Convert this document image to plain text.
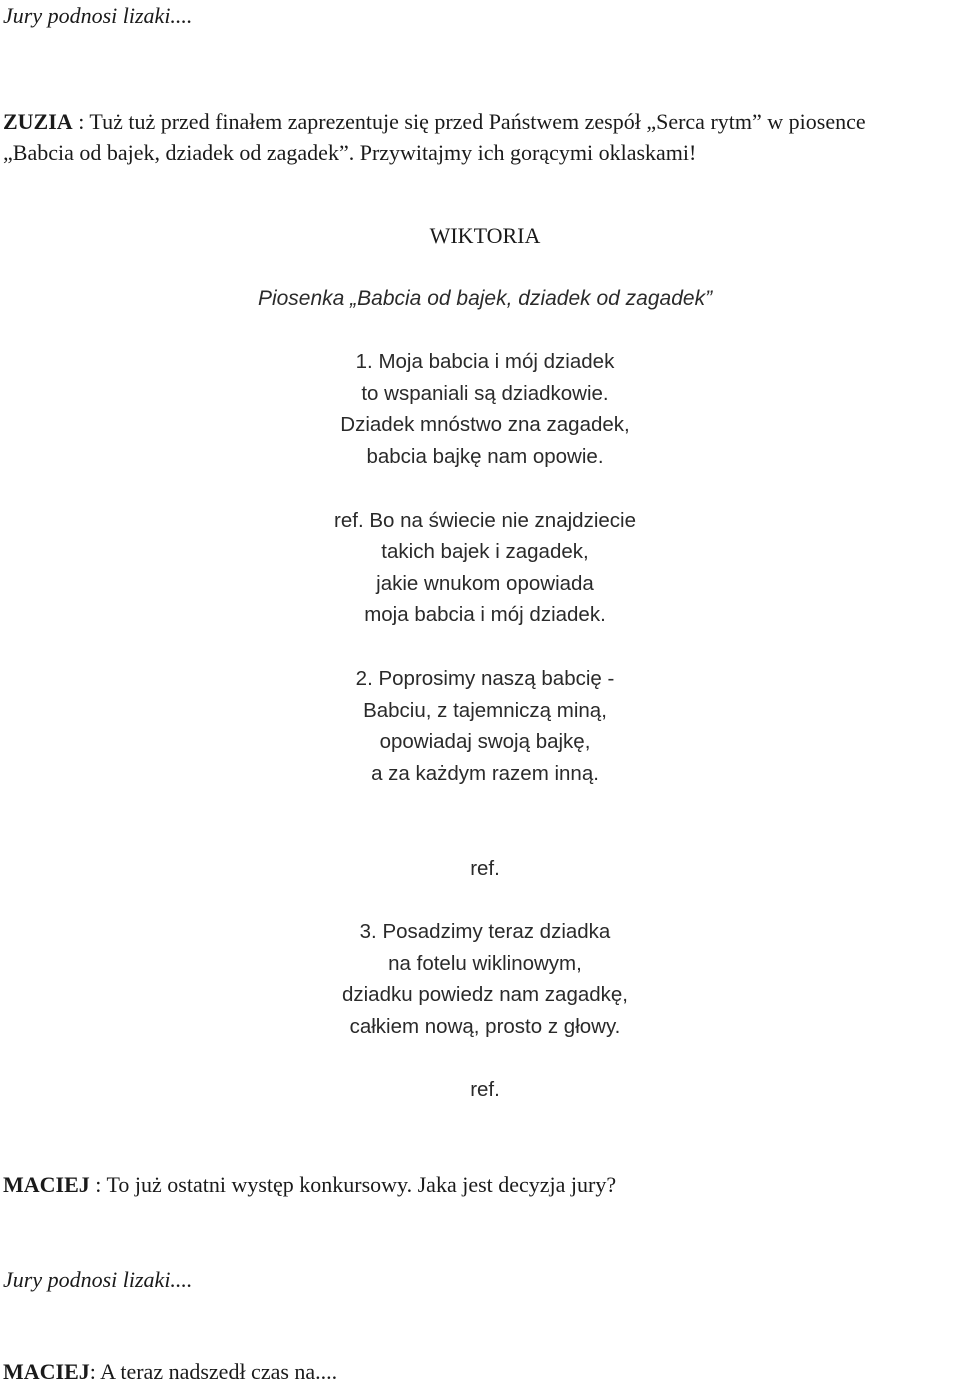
Jury podnosi lizaki....
ZUZIA : Tuż tuż przed finałem zaprezentuje się przed Państwem zespół „Serca rytm” w piosence
„Babcia od bajek, dziadek od zagadek”. Przywitajmy ich gorącymi oklaskami!
WIKTORIA
Piosenka „Babcia od bajek, dziadek od zagadek”
1. Moja babcia i mój dziadek
to wspaniali są dziadkowie.
Dziadek mnóstwo zna zagadek,
babcia bajkę nam opowie.
ref. Bo na świecie nie znajdziecie
takich bajek i zagadek,
jakie wnukom opowiada
moja babcia i mój dziadek.
2. Poprosimy naszą babcię -
Babciu, z tajemniczą miną,
opowiadaj swoją bajkę,
a za każdym razem inną.
ref.
3. Posadzimy teraz dziadka
na fotelu wiklinowym,
dziadku powiedz nam zagadkę,
całkiem nową, prosto z głowy.
ref.
MACIEJ : To już ostatni występ konkursowy. Jaka jest decyzja jury?
Jury podnosi lizaki....
MACIEJ: A teraz nadszedł czas na....
